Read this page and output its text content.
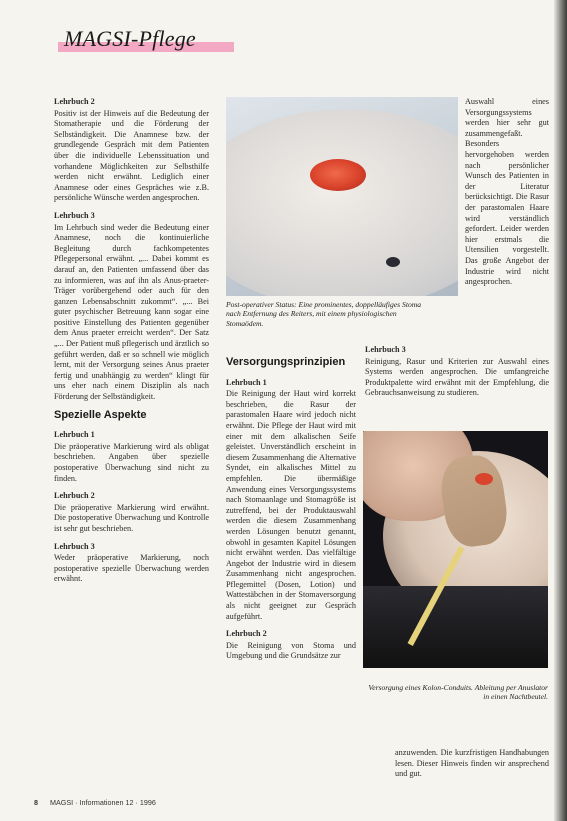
MAGSI-Pflege

Lehrbuch 2
Positiv ist der Hinweis auf die Bedeutung der Stomatherapie und die Förderung der Selbständigkeit. Die Anamnese bzw. der grundlegende Gespräch mit dem Patienten über die individuelle Lebenssituation und vorhandene Möglichkeiten zur Selbsthilfe werden nicht erwähnt. Lediglich einer Anamnese oder eines Gespräches wie z.B. persönliche Wünsche werden angesprochen.

Lehrbuch 3
Im Lehrbuch sind weder die Bedeutung einer Anamnese, noch die kontinuierliche Begleitung durch fachkompetentes Pflegepersonal erwähnt. „... Dabei kommt es darauf an, den Patienten umfassend über das zu informieren, was auf ihn als Anus-praeter-Träger vorübergehend oder auch für den ganzen Lebensabschnitt zukommt“. „... Bei guter psychischer Betreuung kann sogar eine positive Einstellung des Patienten gegenüber dem Anus praeter erreicht werden“. Der Satz „... Der Patient muß pflegerisch und ärztlich so geführt werden, daß er so schnell wie möglich lernt, mit der Versorgung seines Anus praeter fertig und unabhängig zu werden“ klingt für uns eher nach einem Disziplin als nach Förderung der Selbständigkeit.

Spezielle Aspekte

Lehrbuch 1
Die präoperative Markierung wird als obligat beschrieben. Angaben über spezielle postoperative Überwachung sind nicht zu finden.

Lehrbuch 2
Die präoperative Markierung wird erwähnt. Die postoperative Überwachung und Kontrolle ist sehr gut beschrieben.

Lehrbuch 3
Weder präoperative Markierung, noch postoperative spezielle Überwachung werden erwähnt.

Post-operativer Status: Eine prominentes, doppelläufiges Stoma nach Entfernung des Reiters, mit einem physiologischen Stomaödem.
Versorgungsprinzipien

Lehrbuch 1
Die Reinigung der Haut wird korrekt beschrieben, die Rasur der parastomalen Haare wird jedoch nicht erwähnt. Die Pflege der Haut wird mit einer mit dem alkalischen Seife geleistet. Unverständlich erscheint in diesem Zusammenhang die Alternative Syndet, ein alkalisches Mittel zu empfehlen. Die übermäßige Anwendung eines Versorgungssystems nach Stomaanlage und Stomagröße ist zutreffend, bei der Produktauswahl werden die diesem Zusammenhang werden Lösungen benutzt genannt, obwohl in gesamten Kapitel Lösungen nicht erwähnt werden. Das vielfältige Angebot der Industrie wird in diesem Zusammenhang nicht angesprochen. Pflegemittel (Dosen, Lotion) und Wattestäbchen in der Stomaversorgung als nicht geeignet zur Gespräch aufgeführt.

Lehrbuch 2
Die Reinigung von Stoma und Umgebung und die Grundsätze zur

Auswahl eines Versorgungssystems werden hier sehr gut zusammengefaßt. Besonders hervorgehoben werden nach persönlicher Wunsch des Patienten in der Literatur berücksichtigt. Die Rasur der parastomalen Haare wird verständlich gefordert. Leider werden hier erstmals die Utensilien vorgestellt. Das große Angebot der Industrie wird nicht angesprochen.

Lehrbuch 3
Reinigung, Rasur und Kriterien zur Auswahl eines Systems werden angesprochen. Die umfangreiche Produktpalette wird erwähnt mit der Empfehlung, die Gebrauchsanweisung zu studieren.

Versorgung eines Kolon-Conduits. Ableitung per Anuslator in einen Nachtbeutel.

anzuwenden. Die kurzfristigen Handhabungen lesen. Dieser Hinweis finden wir ansprechend und gut.

8 MAGSI · Informationen 12 · 1996
